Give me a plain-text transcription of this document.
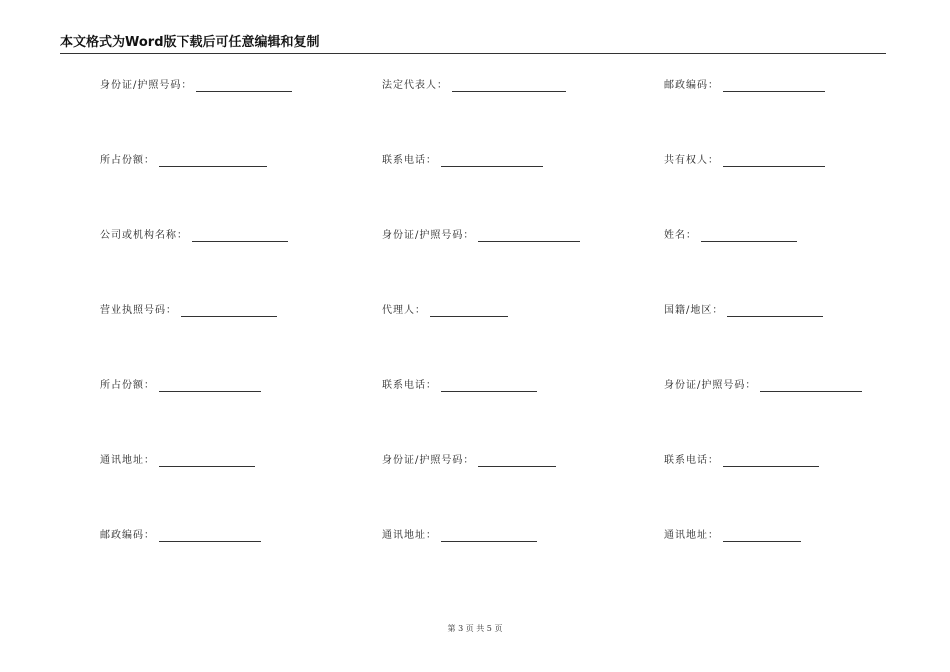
本文格式为Word版下载后可任意编辑和复制
身份证/护照号码：	法定代表人：	邮政编码：
所占份额：	联系电话：	共有权人：
公司或机构名称：	身份证/护照号码：	姓名：
营业执照号码：	代理人：	国籍/地区：
所占份额：	联系电话：	身份证/护照号码：
通讯地址：	身份证/护照号码：	联系电话：
邮政编码：	通讯地址：	通讯地址：
第 3 页 共 5 页
